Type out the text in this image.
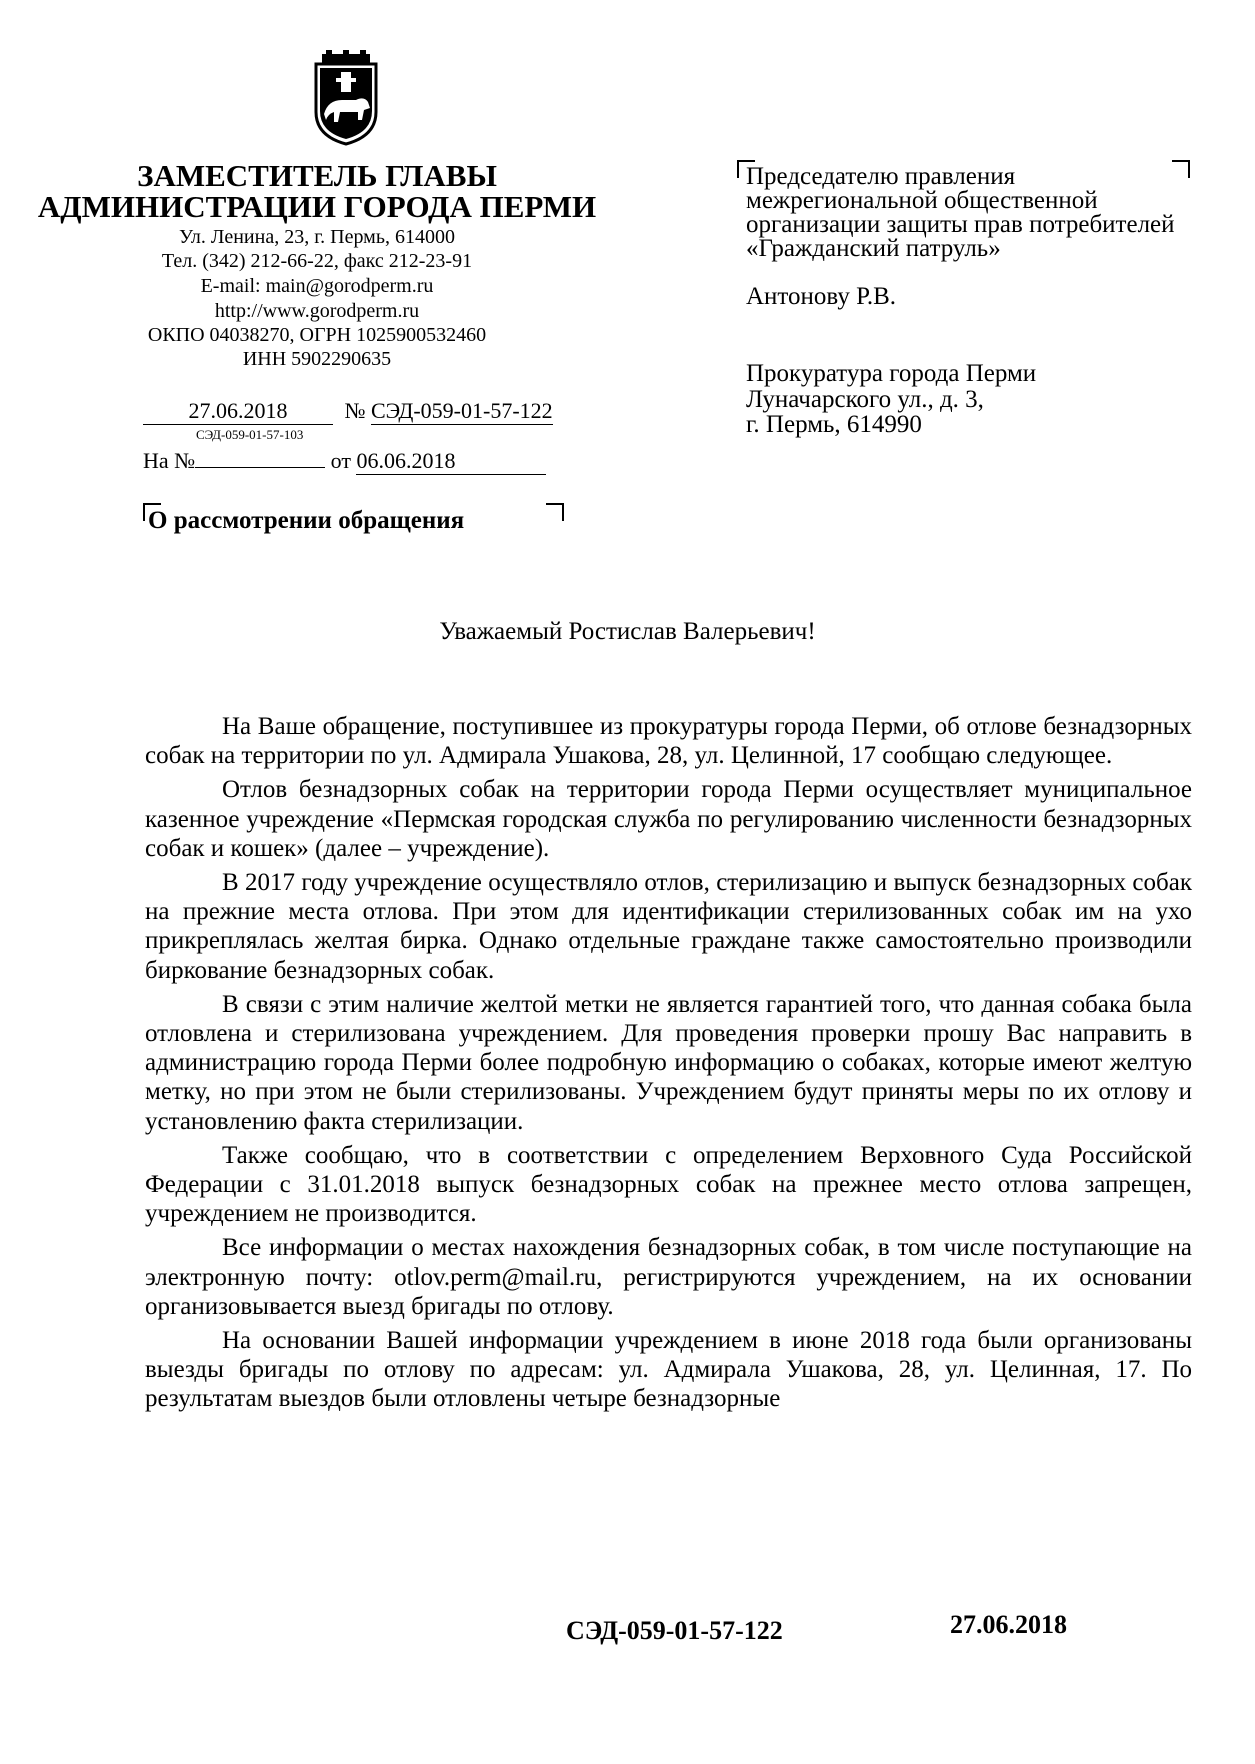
ЗАМЕСТИТЕЛЬ ГЛАВЫ
АДМИНИСТРАЦИИ ГОРОДА ПЕРМИ
Ул. Ленина, 23, г. Пермь, 614000
Тел. (342) 212-66-22, факс 212-23-91
E-mail: main@gorodperm.ru
http://www.gorodperm.ru
ОКПО 04038270, ОГРН 1025900532460
ИНН 5902290635
27.06.2018	№ СЭД-059-01-57-122
СЭД-059-01-57-103
На №	от 06.06.2018
О рассмотрении обращения
Председателю правления межрегиональной общественной организации защиты прав потребителей «Гражданский патруль»
Антонову Р.В.
Прокуратура города Перми
Луначарского ул., д. 3,
г. Пермь, 614990
Уважаемый Ростислав Валерьевич!

На Ваше обращение, поступившее из прокуратуры города Перми, об отлове безнадзорных собак на территории по ул. Адмирала Ушакова, 28, ул. Целинной, 17 сообщаю следующее.

Отлов безнадзорных собак на территории города Перми осуществляет муниципальное казенное учреждение «Пермская городская служба по регулированию численности безнадзорных собак и кошек» (далее – учреждение).

В 2017 году учреждение осуществляло отлов, стерилизацию и выпуск безнадзорных собак на прежние места отлова. При этом для идентификации стерилизованных собак им на ухо прикреплялась желтая бирка. Однако отдельные граждане также самостоятельно производили биркование безнадзорных собак.

В связи с этим наличие желтой метки не является гарантией того, что данная собака была отловлена и стерилизована учреждением. Для проведения проверки прошу Вас направить в администрацию города Перми более подробную информацию о собаках, которые имеют желтую метку, но при этом не были стерилизованы. Учреждением будут приняты меры по их отлову и установлению факта стерилизации.

Также сообщаю, что в соответствии с определением Верховного Суда Российской Федерации с 31.01.2018 выпуск безнадзорных собак на прежнее место отлова запрещен, учреждением не производится.

Все информации о местах нахождения безнадзорных собак, в том числе поступающие на электронную почту: otlov.perm@mail.ru, регистрируются учреждением, на их основании организовывается выезд бригады по отлову.

На основании Вашей информации учреждением в июне 2018 года были организованы выезды бригады по отлову по адресам: ул. Адмирала Ушакова, 28, ул. Целинная, 17. По результатам выездов были отловлены четыре безнадзорные

СЭД-059-01-57-122	27.06.2018
